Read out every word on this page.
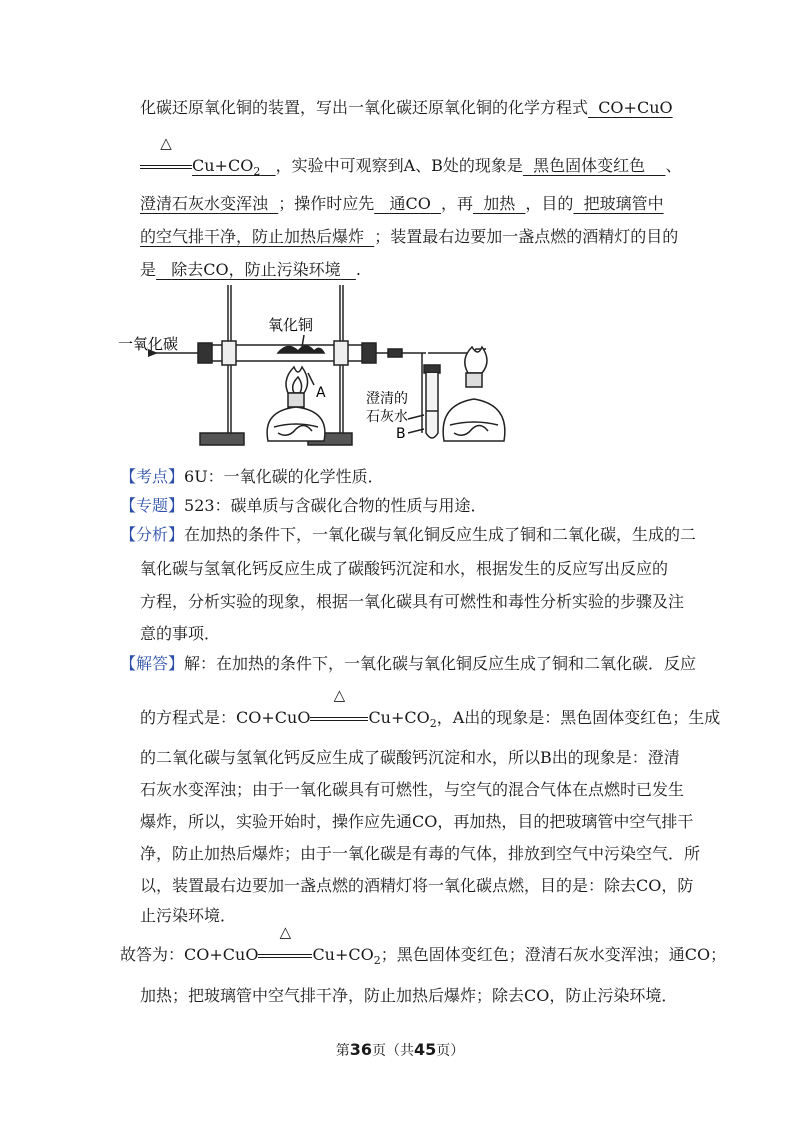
化碳还原氧化铜的装置，写出一氧化碳还原氧化铜的化学方程式 CO+CuO
△
$Cu+CO_2$ ，实验中可观察到A、B处的现象是 黑色固体变红色 、
澄清石灰水变浑浊 ；操作时应先 通CO ，再 加热 ，目的 把玻璃管中
的空气排干净，防止加热后爆炸 ；装置最右边要加一盏点燃的酒精灯的目的
是 除去CO，防止污染环境 .
一氧化碳
氧化铜
A	澄清的
石灰水
B
【考点】6U：一氧化碳的化学性质．
【专题】523：碳单质与含碳化合物的性质与用途．
【分析】在加热的条件下，一氧化碳与氧化铜反应生成了铜和二氧化碳，生成的二
氧化碳与氢氧化钙反应生成了碳酸钙沉淀和水，根据发生的反应写出反应的
方程，分析实验的现象，根据一氧化碳具有可燃性和毒性分析实验的步骤及注
意的事项．
【解答】解：在加热的条件下，一氧化碳与氧化铜反应生成了铜和二氧化碳．反应
的方程式是：CO+CuO
△
$Cu+CO_2$，A出的现象是：黑色固体变红色；生成
的二氧化碳与氢氧化钙反应生成了碳酸钙沉淀和水，所以B出的现象是：澄清
石灰水变浑浊；由于一氧化碳具有可燃性，与空气的混合气体在点燃时已发生
爆炸，所以，实验开始时，操作应先通CO，再加热，目的把玻璃管中空气排干
净，防止加热后爆炸；由于一氧化碳是有毒的气体，排放到空气中污染空气．所
以，装置最右边要加一盏点燃的酒精灯将一氧化碳点燃，目的是：除去CO，防
止污染环境．
故答为：CO+CuO
△
$Cu+CO_2$；黑色固体变红色；澄清石灰水变浑浊；通CO；
加热；把玻璃管中空气排干净，防止加热后爆炸；除去CO，防止污染环境．
第36页（共45页）
